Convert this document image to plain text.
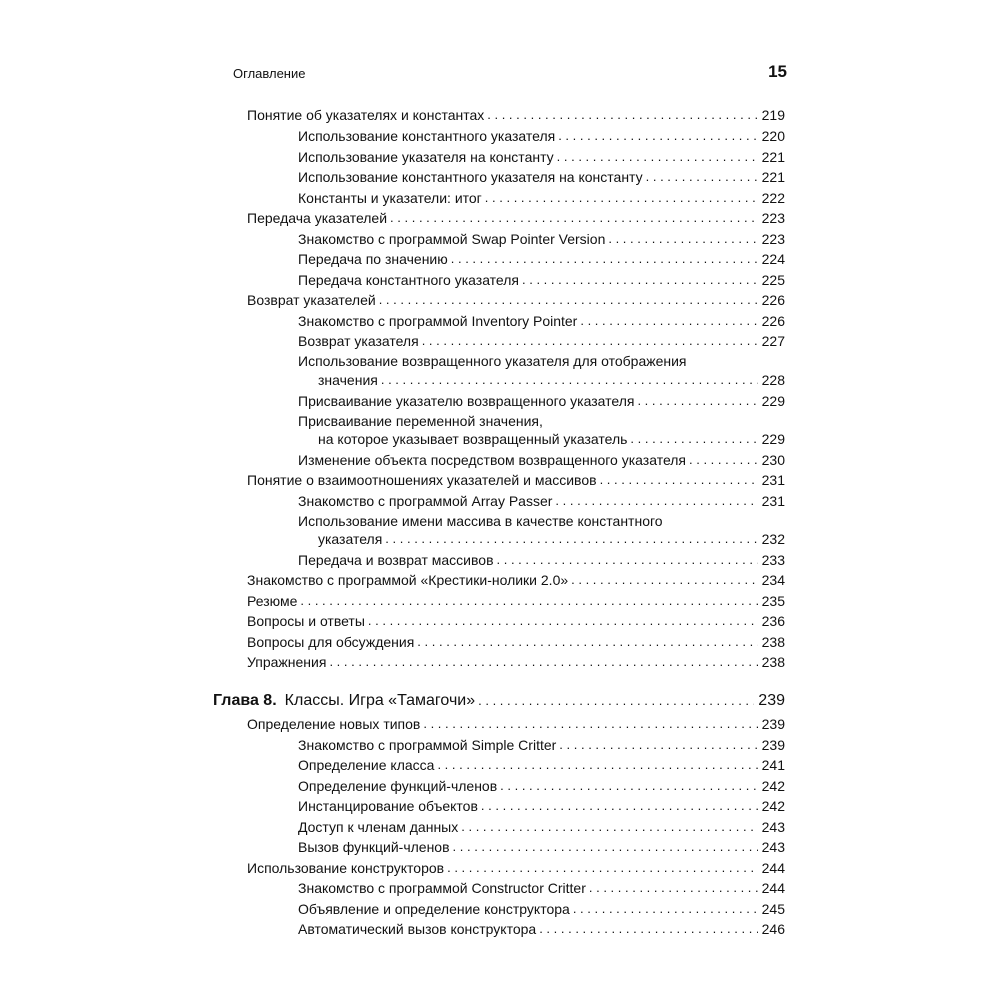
Оглавление	15
Понятие об указателях и константах . . .	219
Использование константного указателя . . .	220
Использование указателя на константу . . .	221
Использование константного указателя на константу . . .	221
Константы и указатели: итог . . .	222
Передача указателей . . .	223
Знакомство с программой Swap Pointer Version . . .	223
Передача по значению . . .	224
Передача константного указателя . . .	225
Возврат указателей . . .	226
Знакомство с программой Inventory Pointer . . .	226
Возврат указателя . . .	227
Использование возвращенного указателя для отображения
значения . . .	228
Присваивание указателю возвращенного указателя . . .	229
Присваивание переменной значения,
на которое указывает возвращенный указатель . . .	229
Изменение объекта посредством возвращенного указателя . . .	230
Понятие о взаимоотношениях указателей и массивов . . .	231
Знакомство с программой Array Passer . . .	231
Использование имени массива в качестве константного
указателя . . .	232
Передача и возврат массивов . . .	233
Знакомство с программой «Крестики-нолики 2.0» . . .	234
Резюме . . .	235
Вопросы и ответы . . .	236
Вопросы для обсуждения . . .	238
Упражнения . . .	238
Глава 8. Классы. Игра «Тамагочи» . . .	239
Определение новых типов . . .	239
Знакомство с программой Simple Critter . . .	239
Определение класса . . .	241
Определение функций-членов . . .	242
Инстанцирование объектов . . .	242
Доступ к членам данных . . .	243
Вызов функций-членов . . .	243
Использование конструкторов . . .	244
Знакомство с программой Constructor Critter . . .	244
Объявление и определение конструктора . . .	245
Автоматический вызов конструктора . . .	246
